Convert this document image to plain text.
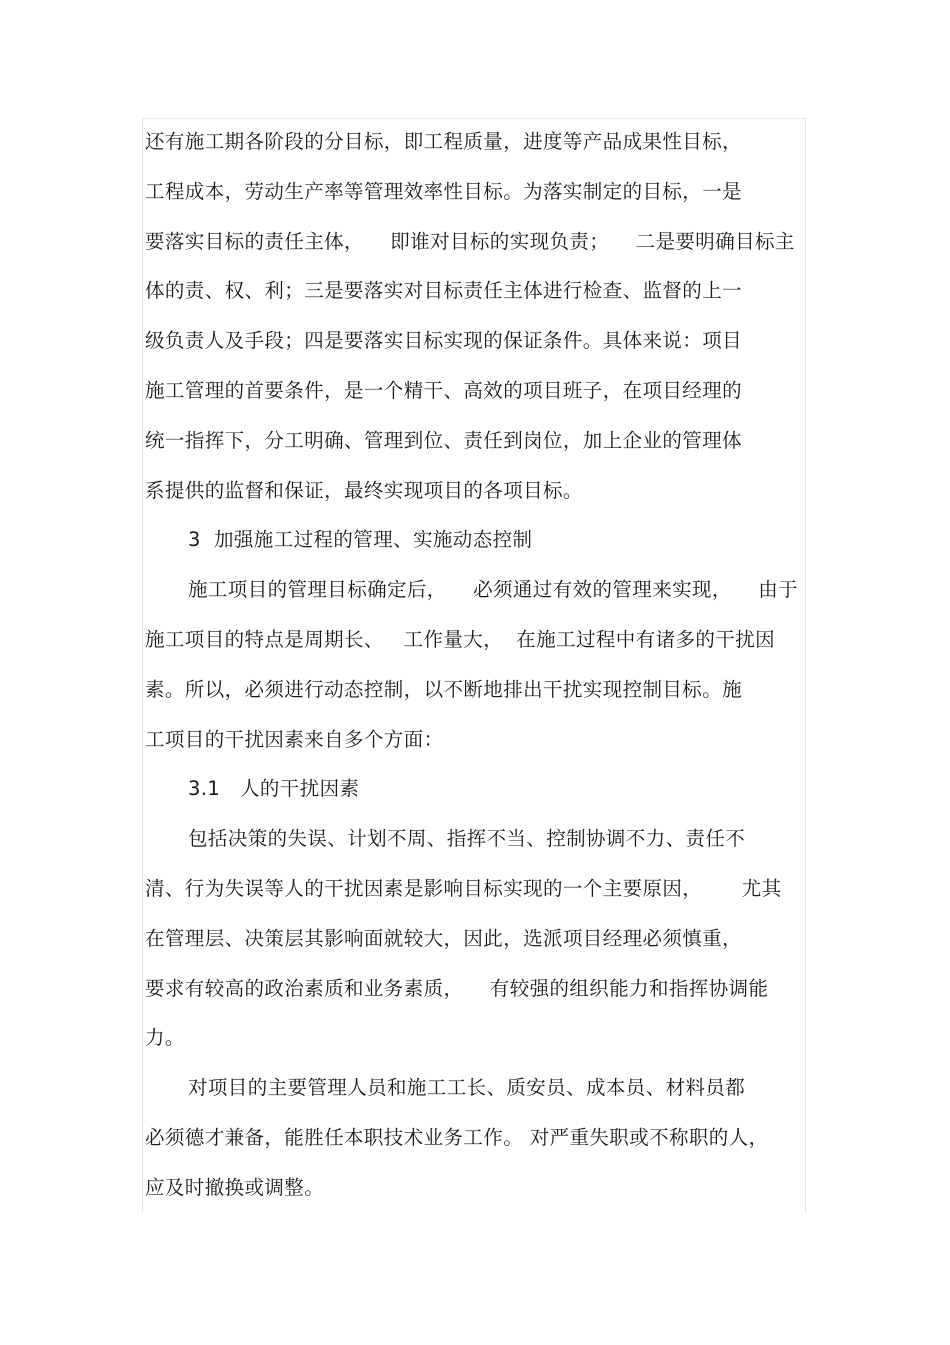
还有施工期各阶段的分目标，即工程质量，进度等产品成果性目标，
工程成本，劳动生产率等管理效率性目标。为落实制定的目标，一是
要落实目标的责任主体，    即谁对目标的实现负责；    二是要明确目标主
体的责、权、利；三是要落实对目标责任主体进行检查、监督的上一
级负责人及手段；四是要落实目标实现的保证条件。具体来说：项目
施工管理的首要条件，是一个精干、高效的项目班子，在项目经理的
统一指挥下，分工明确、管理到位、责任到岗位，加上企业的管理体
系提供的监督和保证，最终实现项目的各项目标。
3  加强施工过程的管理、实施动态控制
施工项目的管理目标确定后，    必须通过有效的管理来实现，    由于
施工项目的特点是周期长、   工作量大，  在施工过程中有诸多的干扰因
素。所以，必须进行动态控制，以不断地排出干扰实现控制目标。施
工项目的干扰因素来自多个方面：
3.1   人的干扰因素
包括决策的失误、计划不周、指挥不当、控制协调不力、责任不
清、行为失误等人的干扰因素是影响目标实现的一个主要原因，      尤其
在管理层、决策层其影响面就较大，因此，选派项目经理必须慎重，
要求有较高的政治素质和业务素质，    有较强的组织能力和指挥协调能
力。
对项目的主要管理人员和施工工长、质安员、成本员、材料员都
必须德才兼备，能胜任本职技术业务工作。 对严重失职或不称职的人，
应及时撤换或调整。
